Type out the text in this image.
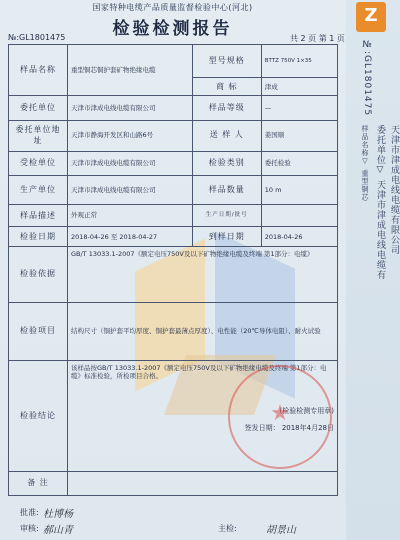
国家特种电缆产品质量监督检验中心(河北)
检验检测报告
№:GL1801475	共 2 页 第 1 页
样品名称	重型铜芯铜护套矿物绝缘电缆	型号规格	BTTZ 750V 1×35
		商 标	津成
委托单位	天津市津成电线电缆有限公司	样品等级	—
委托单位地址	天津市静海开发区和山路6号	送 样 人	姜国顺
受检单位	天津市津成电线电缆有限公司	检验类别	委托检验
生产单位	天津市津成电线电缆有限公司	样品数量	10 m
样品描述	外观正常	生产日期/批号	
检验日期	2018-04-26 至 2018-04-27	到样日期	2018-04-26
检验依据	GB/T 13033.1-2007《额定电压750V及以下矿物绝缘电缆及终端 第1部分：电缆》		
检验项目	结构尺寸（铜护套平均厚度、铜护套最薄点厚度）、电性能（20℃导体电阻）、耐火试验		
检验结论	该样品按GB/T 13033.1-2007《额定电压750V及以下矿物绝缘电缆及终端 第1部分：电缆》标准检验，所检项目合格。
(检验检测专用章)
签发日期： 2018年4月28日		

备 注			

★
批准: 杜博杨
审核: 郝山青	主检:	胡景山
Z
№:GL1801475
样品名称▽ 重型铜芯 委托单位▽ 天津市津成电线电缆有 天津市津成电线电缆有限公司
